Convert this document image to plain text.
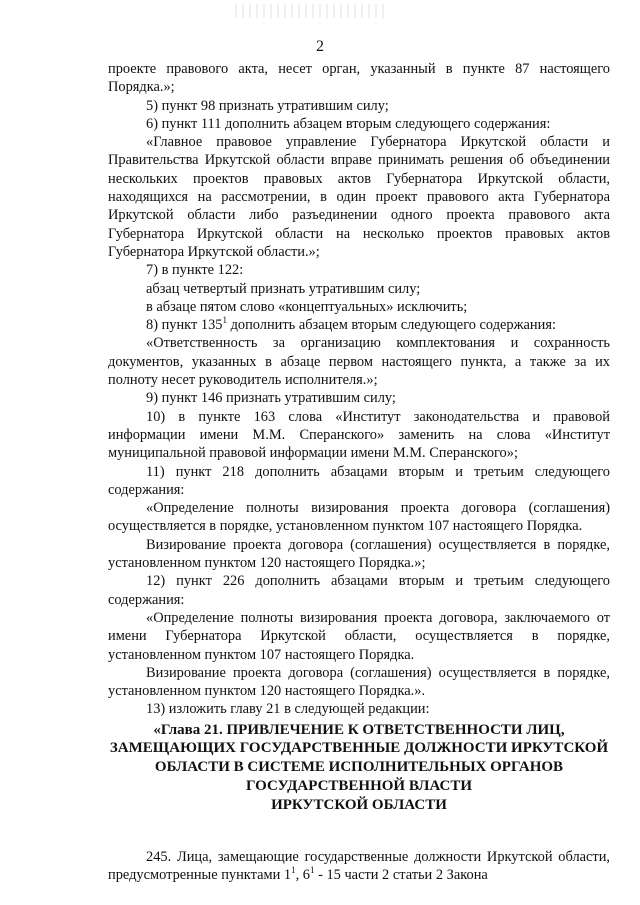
2

проекте правового акта, несет орган, указанный в пункте 87 настоящего Порядка.»;

5) пункт 98 признать утратившим силу;

6) пункт 111 дополнить абзацем вторым следующего содержания:

«Главное правовое управление Губернатора Иркутской области и Правительства Иркутской области вправе принимать решения об объединении нескольких проектов правовых актов Губернатора Иркутской области, находящихся на рассмотрении, в один проект правового акта Губернатора Иркутской области либо разъединении одного проекта правового акта Губернатора Иркутской области на несколько проектов правовых актов Губернатора Иркутской области.»;

7) в пункте 122:

абзац четвертый признать утратившим силу;

в абзаце пятом слово «концептуальных» исключить;

8) пункт $135^1$ дополнить абзацем вторым следующего содержания:

«Ответственность за организацию комплектования и сохранность документов, указанных в абзаце первом настоящего пункта, а также за их полноту несет руководитель исполнителя.»;

9) пункт 146 признать утратившим силу;

10) в пункте 163 слова «Институт законодательства и правовой информации имени М.М. Сперанского» заменить на слова «Институт муниципальной правовой информации имени М.М. Сперанского»;

11) пункт 218 дополнить абзацами вторым и третьим следующего содержания:

«Определение полноты визирования проекта договора (соглашения) осуществляется в порядке, установленном пунктом 107 настоящего Порядка.

Визирование проекта договора (соглашения) осуществляется в порядке, установленном пунктом 120 настоящего Порядка.»;

12) пункт 226 дополнить абзацами вторым и третьим следующего содержания:

«Определение полноты визирования проекта договора, заключаемого от имени Губернатора Иркутской области, осуществляется в порядке, установленном пунктом 107 настоящего Порядка.

Визирование проекта договора (соглашения) осуществляется в порядке, установленном пунктом 120 настоящего Порядка.».

13) изложить главу 21 в следующей редакции:

«Глава 21. ПРИВЛЕЧЕНИЕ К ОТВЕТСТВЕННОСТИ ЛИЦ,
ЗАМЕЩАЮЩИХ ГОСУДАРСТВЕННЫЕ ДОЛЖНОСТИ ИРКУТСКОЙ
ОБЛАСТИ В СИСТЕМЕ ИСПОЛНИТЕЛЬНЫХ ОРГАНОВ
ГОСУДАРСТВЕННОЙ ВЛАСТИ
ИРКУТСКОЙ ОБЛАСТИ

245. Лица, замещающие государственные должности Иркутской области, предусмотренные пунктами $1^1$, $6^1 - 15$ части 2 статьи 2 Закона
